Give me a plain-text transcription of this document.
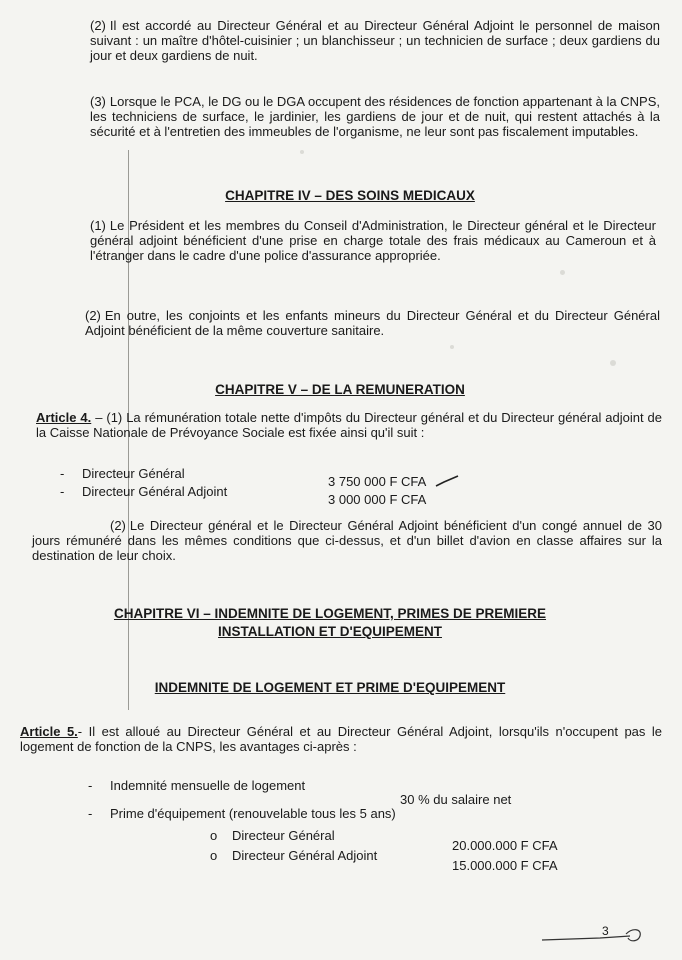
(2) Il est accordé au Directeur Général et au Directeur Général Adjoint le personnel de maison suivant : un maître d'hôtel-cuisinier ; un blanchisseur ; un technicien de surface ; deux gardiens du jour et deux gardiens de nuit.

(3) Lorsque le PCA, le DG ou le DGA occupent des résidences de fonction appartenant à la CNPS, les techniciens de surface, le jardinier, les gardiens de jour et de nuit, qui restent attachés à la sécurité et à l'entretien des immeubles de l'organisme, ne leur sont pas fiscalement imputables.

CHAPITRE IV – DES SOINS MEDICAUX

(1) Le Président et les membres du Conseil d'Administration, le Directeur général et le Directeur général adjoint bénéficient d'une prise en charge totale des frais médicaux au Cameroun et à l'étranger dans le cadre d'une police d'assurance appropriée.

(2) En outre, les conjoints et les enfants mineurs du Directeur Général et du Directeur Général Adjoint bénéficient de la même couverture sanitaire.

CHAPITRE V – DE LA REMUNERATION

Article 4. – (1) La rémunération totale nette d'impôts du Directeur général et du Directeur général adjoint de la Caisse Nationale de Prévoyance Sociale est fixée ainsi qu'il suit :

- Directeur Général
3 750 000 F CFA
- Directeur Général Adjoint
3 000 000 F CFA

(2) Le Directeur général et le Directeur Général Adjoint bénéficient d'un congé annuel de 30 jours rémunéré dans les mêmes conditions que ci-dessus, et d'un billet d'avion en classe affaires sur la destination de leur choix.

CHAPITRE VI – INDEMNITE DE LOGEMENT, PRIMES DE PREMIERE
INSTALLATION ET D'EQUIPEMENT
INDEMNITE DE LOGEMENT ET PRIME D'EQUIPEMENT

Article 5.- Il est alloué au Directeur Général et au Directeur Général Adjoint, lorsqu'ils n'occupent pas le logement de fonction de la CNPS, les avantages ci-après :

- Indemnité mensuelle de logement
30 % du salaire net
- Prime d'équipement (renouvelable tous les 5 ans)
o Directeur Général
20.000.000 F CFA
o Directeur Général Adjoint
15.000.000 F CFA
3
